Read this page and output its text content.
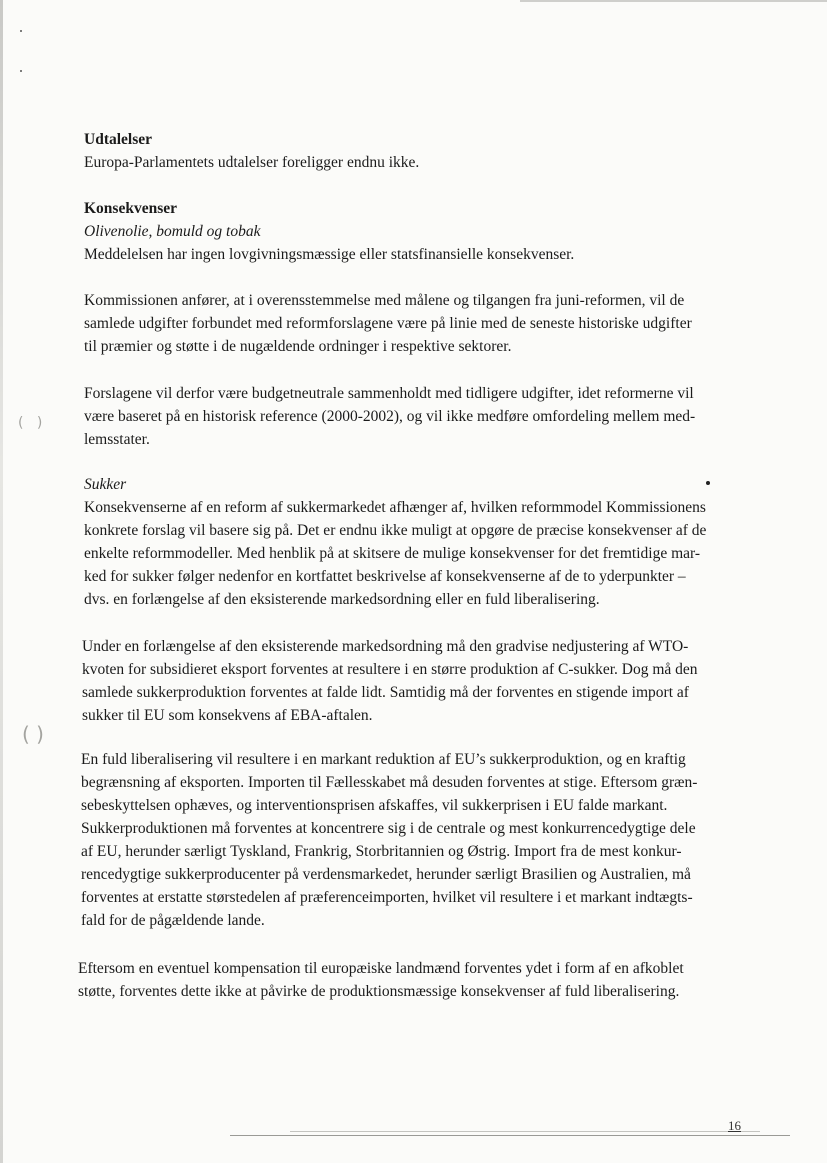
(   )
( )
Udtalelser
Europa-Parlamentets udtalelser foreligger endnu ikke.
Konsekvenser
Olivenolie, bomuld og tobak
Meddelelsen har ingen lovgivningsmæssige eller statsfinansielle konsekvenser.
Kommissionen anfører, at i overensstemmelse med målene og tilgangen fra juni-reformen, vil de
samlede udgifter forbundet med reformforslagene være på linie med de seneste historiske udgifter
til præmier og støtte i de nugældende ordninger i respektive sektorer.
Forslagene vil derfor være budgetneutrale sammenholdt med tidligere udgifter, idet reformerne vil
være baseret på en historisk reference (2000-2002), og vil ikke medføre omfordeling mellem med-
lemsstater.
Sukker
Konsekvenserne af en reform af sukkermarkedet afhænger af, hvilken reformmodel Kommissionens
konkrete forslag vil basere sig på. Det er endnu ikke muligt at opgøre de præcise konsekvenser af de
enkelte reformmodeller. Med henblik på at skitsere de mulige konsekvenser for det fremtidige mar-
ked for sukker følger nedenfor en kortfattet beskrivelse af konsekvenserne af de to yderpunkter –
dvs. en forlængelse af den eksisterende markedsordning eller en fuld liberalisering.
Under en forlængelse af den eksisterende markedsordning må den gradvise nedjustering af WTO-
kvoten for subsidieret eksport forventes at resultere i en større produktion af C-sukker. Dog må den
samlede sukkerproduktion forventes at falde lidt. Samtidig må der forventes en stigende import af
sukker til EU som konsekvens af EBA-aftalen.
En fuld liberalisering vil resultere i en markant reduktion af EU’s sukkerproduktion, og en kraftig
begrænsning af eksporten. Importen til Fællesskabet må desuden forventes at stige. Eftersom græn-
sebeskyttelsen ophæves, og interventionsprisen afskaffes, vil sukkerprisen i EU falde markant.
Sukkerproduktionen må forventes at koncentrere sig i de centrale og mest konkurrencedygtige dele
af EU, herunder særligt Tyskland, Frankrig, Storbritannien og Østrig. Import fra de mest konkur-
rencedygtige sukkerproducenter på verdensmarkedet, herunder særligt Brasilien og Australien, må
forventes at erstatte størstedelen af præferenceimporten, hvilket vil resultere i et markant indtægts-
fald for de pågældende lande.
Eftersom en eventuel kompensation til europæiske landmænd forventes ydet i form af en afkoblet
støtte, forventes dette ikke at påvirke de produktionsmæssige konsekvenser af fuld liberalisering.
16
